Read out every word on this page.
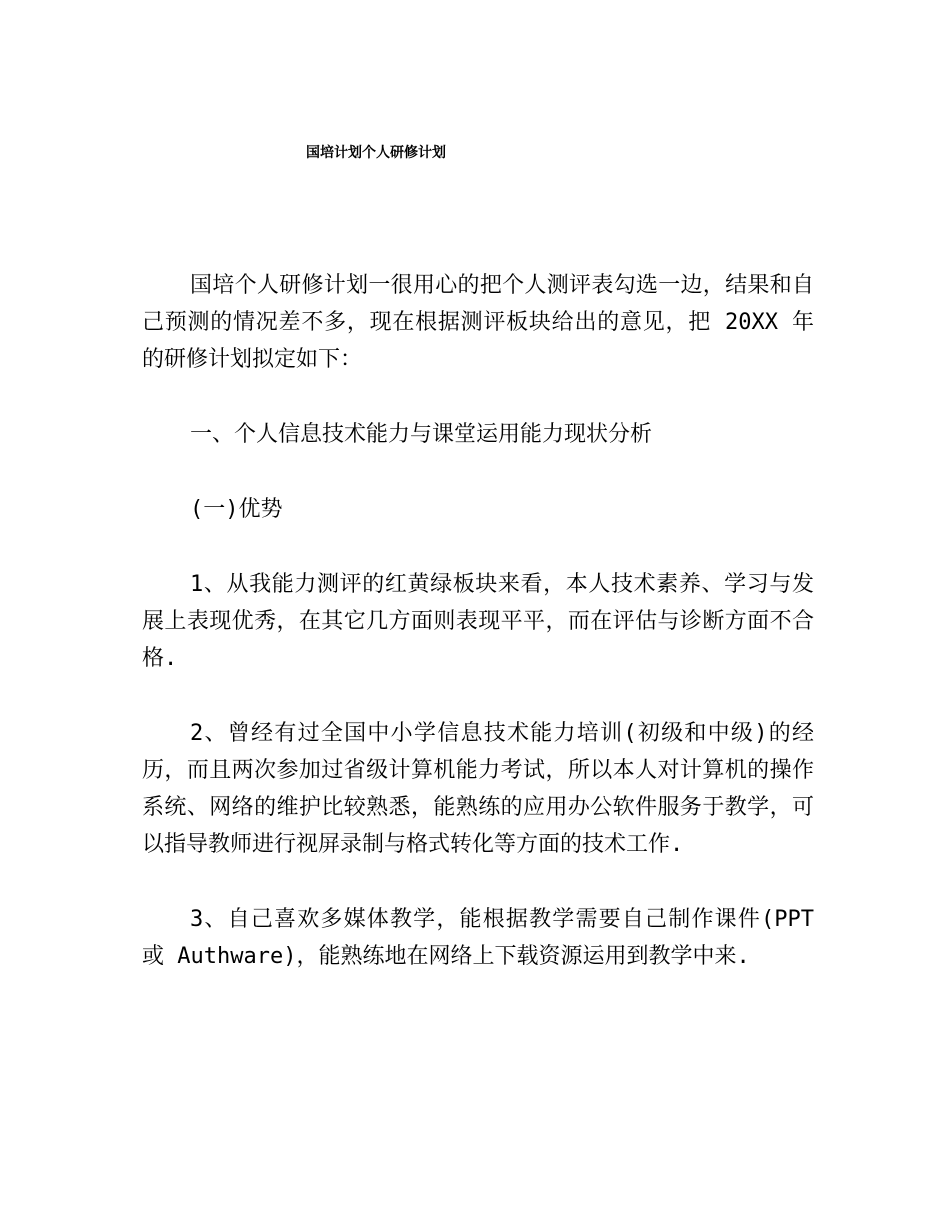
国培计划个人研修计划

国培个人研修计划一很用心的把个人测评表勾选一边，结果和自己预测的情况差不多，现在根据测评板块给出的意见，把 20XX 年的研修计划拟定如下：

一、个人信息技术能力与课堂运用能力现状分析

(一)优势

1、从我能力测评的红黄绿板块来看，本人技术素养、学习与发展上表现优秀，在其它几方面则表现平平，而在评估与诊断方面不合格.

2、曾经有过全国中小学信息技术能力培训(初级和中级)的经历，而且两次参加过省级计算机能力考试，所以本人对计算机的操作系统、网络的维护比较熟悉，能熟练的应用办公软件服务于教学，可以指导教师进行视屏录制与格式转化等方面的技术工作.

3、自己喜欢多媒体教学，能根据教学需要自己制作课件(PPT 或 Authware)，能熟练地在网络上下载资源运用到教学中来.
